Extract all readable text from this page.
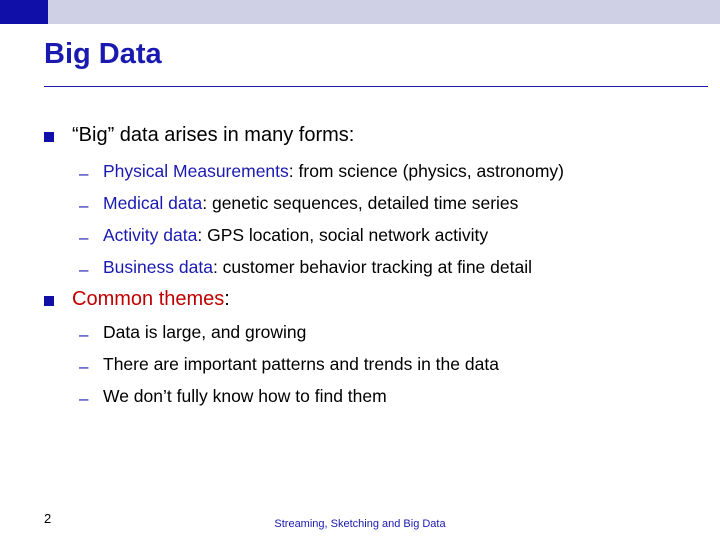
Big Data
“Big” data arises in many forms:
– Physical Measurements: from science (physics, astronomy)
– Medical data: genetic sequences, detailed time series
– Activity data: GPS location, social network activity
– Business data: customer behavior tracking at fine detail
Common themes:
– Data is large, and growing
– There are important patterns and trends in the data
– We don’t fully know how to find them
2	Streaming, Sketching and Big Data
